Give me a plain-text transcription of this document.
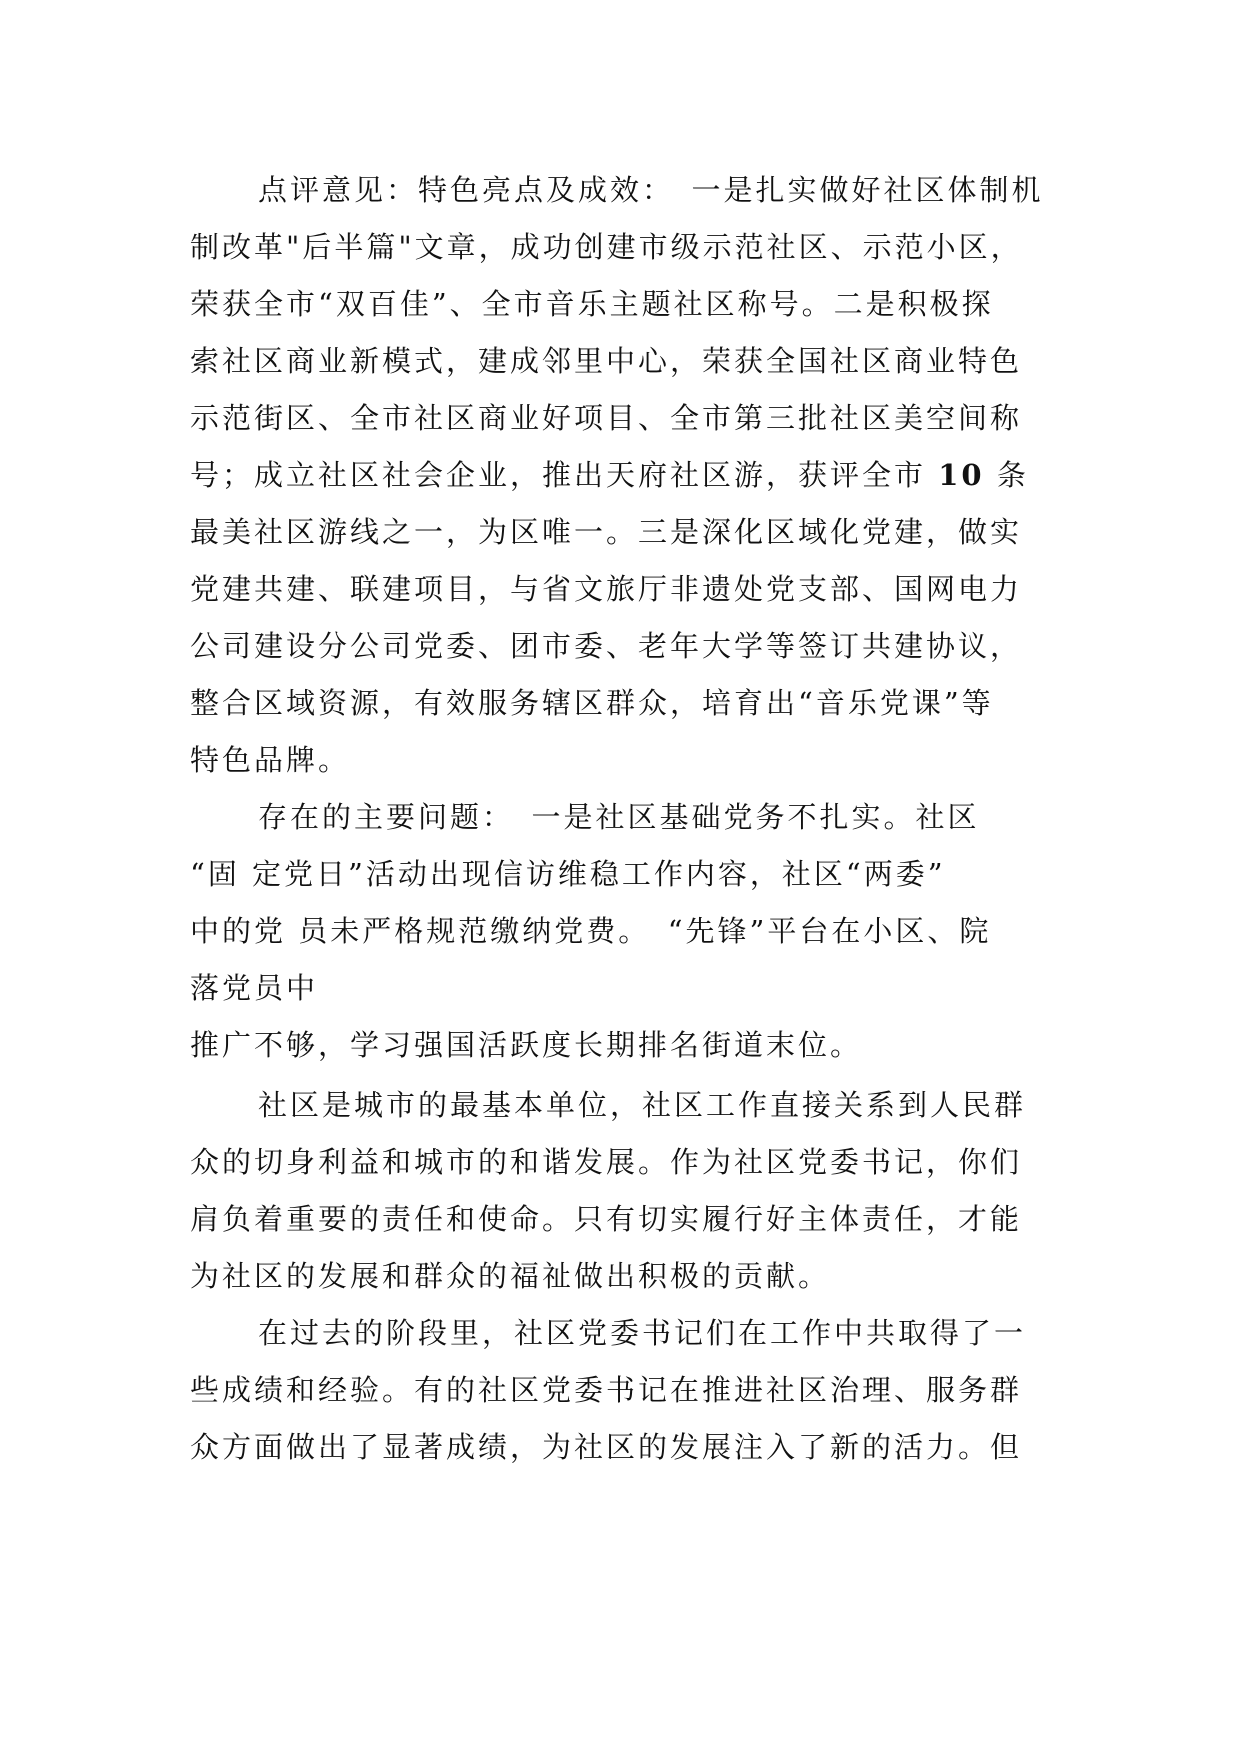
点评意见：特色亮点及成效：　一是扎实做好社区体制机
制改革"后半篇"文章，成功创建市级示范社区、示范小区，
荣获全市“双百佳”、全市音乐主题社区称号。二是积极探
索社区商业新模式，建成邻里中心，荣获全国社区商业特色
示范街区、全市社区商业好项目、全市第三批社区美空间称
号；成立社区社会企业，推出天府社区游，获评全市 10 条
最美社区游线之一，为区唯一。三是深化区域化党建，做实
党建共建、联建项目，与省文旅厅非遗处党支部、国网电力
公司建设分公司党委、团市委、老年大学等签订共建协议，
整合区域资源，有效服务辖区群众，培育出“音乐党课”等
特色品牌。
存在的主要问题：　一是社区基础党务不扎实。社区
“固 定党日”活动出现信访维稳工作内容，社区“两委”
中的党 员未严格规范缴纳党费。　“先锋”平台在小区、院
落党员中
推广不够，学习强国活跃度长期排名街道末位。
社区是城市的最基本单位，社区工作直接关系到人民群
众的切身利益和城市的和谐发展。作为社区党委书记，你们
肩负着重要的责任和使命。只有切实履行好主体责任，才能
为社区的发展和群众的福祉做出积极的贡献。
在过去的阶段里，社区党委书记们在工作中共取得了一
些成绩和经验。有的社区党委书记在推进社区治理、服务群
众方面做出了显著成绩，为社区的发展注入了新的活力。但
